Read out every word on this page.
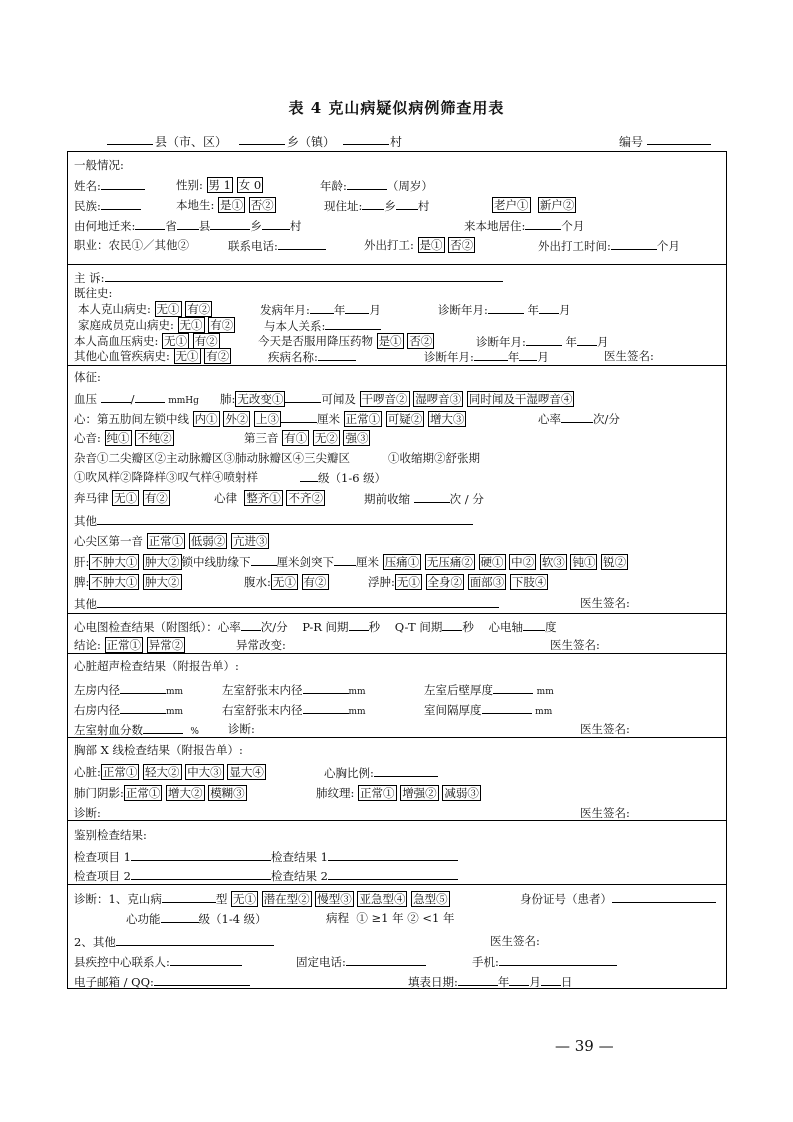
表 4 克山病疑似病例筛查用表
县（市、区）	乡（镇）	村	编号
一般情况:
姓名:	性别: 男 1 女 0	年龄:	（周岁）
民族:	本地生: 是① 否②	现住址: 乡 村	老户① 新户②
由何地迁来:	省 县	乡 村	来本地居住:	个月
职业：农民①／其他②	联系电话:	外出打工: 是① 否②	外出打工时间:	个月
主 诉:
既往史:
本人克山病史: 无① 有②	发病年月: 年 月	诊断年月:	年 月
家庭成员克山病史: 无① 有②	与本人关系:
本人高血压病史: 无① 有②	今天是否服用降压药物 是① 否②	诊断年月:	年 月
其他心血管疾病史: 无① 有②	疾病名称:	诊断年月:	年 月	医生签名:
体征:
血压	/	mmHg 肺: 无改变①	可闻及 干啰音② 湿啰音③ 同时闻及干湿啰音④
心：第五肋间左锁中线 内① 外② 上③	厘米 正常① 可疑② 增大③	心率	次/分
心音: 纯① 不纯②	第三音 有① 无② 强③
杂音①二尖瓣区②主动脉瓣区③肺动脉瓣区④三尖瓣区	①收缩期②舒张期
①吹风样②降降样③叹气样④喷射样	级（1-6 级）
奔马律 无① 有②	心律 整齐① 不齐②	期前收缩	次 / 分
其他
心尖区第一音 正常① 低弱② 亢进③
肝: 不肿大① 肿大② 锁中线肋缘下 厘米剑突下 厘米 压痛① 无压痛② 硬① 中② 软③ 钝① 锐②
脾: 不肿大① 肿大②	腹水: 无① 有②	浮肿: 无① 全身② 面部③ 下肢④
其他	医生签名:
心电图检查结果（附图纸）：心率 次/分 P-R 间期 秒 Q-T 间期 秒 心电轴 度
结论: 正常① 异常②	异常改变:	医生签名:
心脏超声检查结果（附报告单）:
左房内径	mm	左室舒张末内径	mm	左室后壁厚度	mm
右房内径	mm	右室舒张末内径	mm	室间隔厚度	mm
左室射血分数	%	诊断:	医生签名:
胸部 X 线检查结果（附报告单）:
心脏: 正常① 轻大② 中大③ 显大④	心胸比例:
肺门阴影: 正常① 增大② 模糊③	肺纹理: 正常① 增强② 减弱③
诊断:	医生签名:
鉴别检查结果:
检查项目 1	检查结果 1
检查项目 2	检查结果 2
诊断：1、克山病	型 无① 潜在型② 慢型③ 亚急型④ 急型⑤	身份证号（患者）
心功能	级（1-4 级）	病程 ① ≥1 年 ② <1 年
2、其他	医生签名:
县疾控中心联系人:	固定电话:	手机:
电子邮箱 / QQ:	填表日期:	年 月 日
— 39 —
